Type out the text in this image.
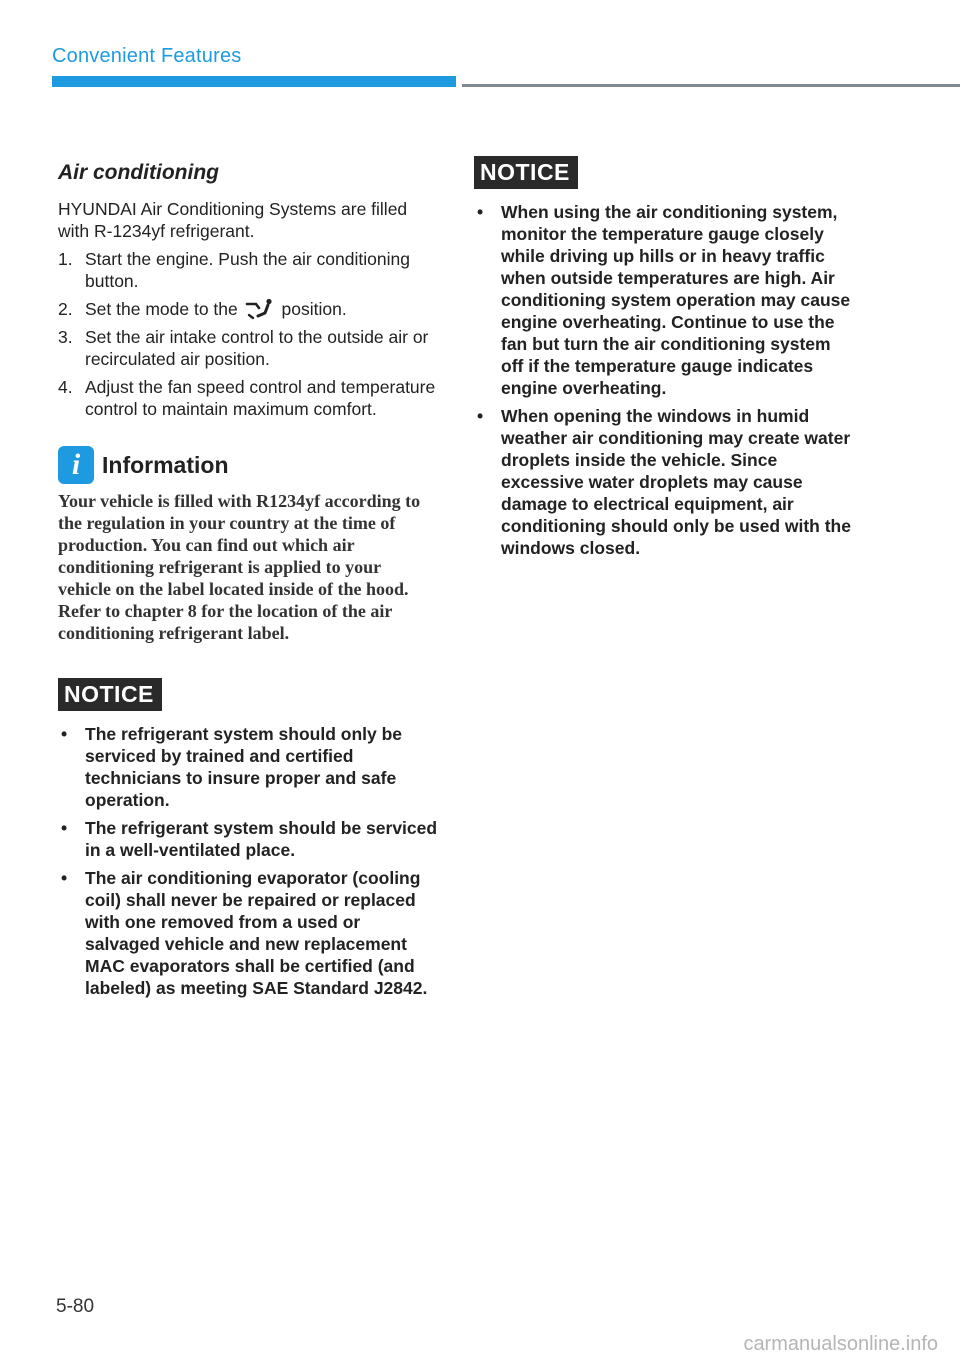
Convenient Features
Air conditioning

HYUNDAI Air Conditioning Systems are filled with R-1234yf refrigerant.

1. Start the engine. Push the air conditioning button.
2. Set the mode to the	position.
3. Set the air intake control to the outside air or recirculated air position.
4. Adjust the fan speed control and temperature control to maintain maximum comfort.
i Information

Your vehicle is filled with R1234yf according to the regulation in your country at the time of production. You can find out which air conditioning refrigerant is applied to your vehicle on the label located inside of the hood. Refer to chapter 8 for the location of the air conditioning refrigerant label.

NOTICE
• The refrigerant system should only be serviced by trained and certified technicians to insure proper and safe operation.
• The refrigerant system should be serviced in a well-ventilated place.
• The air conditioning evaporator (cooling coil) shall never be repaired or replaced with one removed from a used or salvaged vehicle and new replacement MAC evaporators shall be certified (and labeled) as meeting SAE Standard J2842.
NOTICE
• When using the air conditioning system, monitor the temperature gauge closely while driving up hills or in heavy traffic when outside temperatures are high. Air conditioning system operation may cause engine overheating. Continue to use the fan but turn the air conditioning system off if the temperature gauge indicates engine overheating.
• When opening the windows in humid weather air conditioning may create water droplets inside the vehicle. Since excessive water droplets may cause damage to electrical equipment, air conditioning should only be used with the windows closed.
5-80
carmanualsonline.info
